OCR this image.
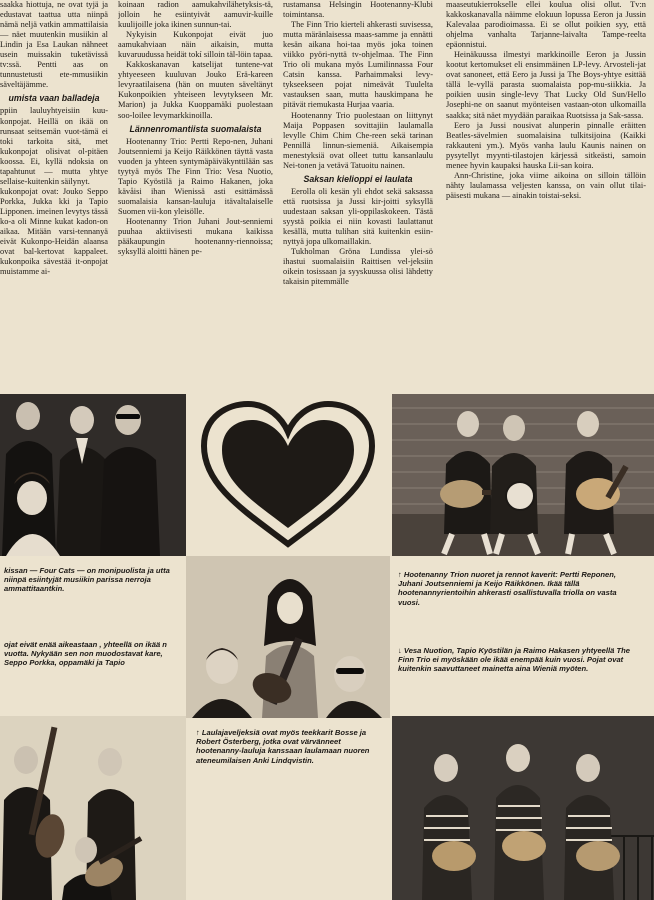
saakka hiottuja, ne ovat tyjä ja edustavat taattua utta niinpä nämä neljä vatkin ammattilaisia — näet muutenkin musiikin al Lindin ja Esa Laukan nähneet usein muissakin tuketävissä tv:ssä. Pentti aas on tunnustetusti ete-mmusiikin säveltäjämme.

umista vaan balladeja

ppiin lauluyhtyeisiin kuu-konpojat. Heillä on ikää on runsaat seitsemän vuot-tämä ei toki tarkoita sitä, met kukonpojat olisivat ol-pitäen koossa. Ei, kyllä ndoksia on tapahtunut — mutta yhtye sellaise-kuitenkin säilynyt.

kukonpojat ovat: Jouko Seppo Porkka, Jukka kki ja Tapio Lipponen. imeinen levytys tässä ko-a oli Minne kukat kadon-on aikaa. Mitään varsi-tennanyä eivät Kukonpo-Heidän alaansa ovat bal-kertovat kappaleet. kukonpoika sävestää it-onpojat muistamme ai-

koinaan radion aamukahvilähetyksis-tä, jolloin he esiintyivät aamuvir-kuille kuulijoille joka ikinen sunnun-tai.

Nykyisin Kukonpojat eivät juo aamukahviaan näin aikaisin, mutta kuvaruudussa heidät tokí silloin täl-löin tapaa.

Kakkoskanavan katselijat tuntene-vat yhtyeeseen kuuluvan Jouko Erä-kareen levyraatilaisena (hän on muuten säveltänyt Kukonpoikien yhteiseen levytykseen Mr. Marion) ja Jukka Kuoppamäki puolestaan soo-loilee levymarkkinoilla.

Lännenromantiista suomalaista

Hootenanny Trio: Pertti Repo-nen, Juhani Joutsenniemi ja Keijo Räikkönen täyttä vasta vuoden ja yhteen syntymäpäiväkynttilään sas tyytyä myös The Finn Trio: Vesa Nuotio, Tapio Kyöstilä ja Raimo Hakanen, joka kävåisi ihan Wienissä asti esittämässä suomalaisia kansan-lauluja itävaltalaiselle Suomen vii-kon yleisölle.

Hootenanny Trion Juhani Jout-senniemi puuhaa aktiivisesti mukana kaikissa pääkaupungin hootenanny-riennoissa; syksyllä aloitti hänen pe-

rustamansa Helsingin Hootenanny-Klubi toimintansa.

The Finn Trio kierteli ahkerasti suvisessa, mutta märänlaisessa maas-samme ja ennätti kesän aikana hoi-taa myös joka toinen viikko pyöri-nyttä tv-ohjelmaa. The Finn Trio oli mukana myös Lumilinnassa Four Catsin kanssa. Parhaimmaksi levy-tykseekseen pojat nimeävät Tuulelta vastauksen saan, mutta hauskimpana he pitävät riemukasta Hurjaa vaaria.

Hootenanny Trio puolestaan on liittynyt Maija Poppasen sovittajiin laulamalla levylle Chim Chim Che-reen sekä tarinan Pennillä linnun-siemeniä. Aikaisempia menestyksiä ovat olleet tuttu kansanlaulu Nei-tonen ja vetävä Tatuoitu nainen.

Saksan kielioppi ei laulata

Eerolla oli kesän yli ehdot sekä saksassa että ruotsissa ja Jussi kir-joitti syksyllä uudestaan saksan yli-oppilaskokeen. Tästä syystä poikia ei niin kovasti laulattanut kesällä, mutta tulihan sitä kuitenkin esiin-nyttyä jopa ulkomaillakin.

Tukholman Gröna Lundissa ylei-sö ihastui suomalaisiin Raittisen vel-jeksiin oikein tosissaan ja syyskuussa olisi lähdetty takaisin pitemmälle

maaseutukierrokselle ellei koulua olisi ollut. Tv:n kakkoskanavalla näimme elokuun lopussa Eeron ja Jussin Kalevalaa parodioimassa. Ei se ollut poikien syy, että ohjelma vanhalta Tarjanne-laivalta Tampe-reelta epäonnistui.

Heinäkuussa ilmestyi markkinoille Eeron ja Jussin kootut kertomukset eli ensimmäinen LP-levy. Arvosteli-jat ovat sanoneet, että Eero ja Jussi ja The Boys-yhtye esittää tällä le-vyllä parasta suomalaista pop-mu-siikkia. Ja poikien uusin single-levy That Lucky Old Sun/Hello Josephi-ne on saanut myönteisen vastaan-oton ulkomailla saakka; sitä näet myydään paraikaa Ruotsissa ja Sak-sassa.

Eero ja Jussi nousivat alunperin pinnalle eräitten Beatles-sävelmien suomalaisina tulkitsijoina (Kaikki rakkauteni ym.). Myös vanha laulu Kaunis nainen on pysytellyt myynti-tilastojen kärjessä sitkeästi, samoin menee hyvin kaupaksi hauska Lii-san koira.

Ann-Christine, joka viime aikoina on silloin tällöin nähty laulamassa veljesten kanssa, on vain ollut tilai-päisesti mukana — ainakin toistai-seksi.

kissan — Four Cats — on monipuolista ja utta niinpä esiintyjät musiikin parissa nerroja ammattitaantkin.

ojat eivät enää aikeastaan , yhteellä on ikää n vuotta. Nykyään sen non muodostavat kare, Seppo Porkka, oppamäki ja Tapio

↑ Hootenanny Trion nuoret ja rennot kaverit: Pertti Reponen, Juhani Joutsenniemi ja Keijo Räikkönen. Ikää tällä hootenannyrientoihin ahkerasti osallistuvalla triolla on vasta vuosi.

↓ Vesa Nuotion, Tapio Kyöstilän ja Raimo Hakasen yhtyeellä The Finn Trio ei myöskään ole ikää enempää kuin vuosi. Pojat ovat kuitenkin saavuttaneet mainetta aina Wieniä myöten.

↑ Laulajaveljeksiä ovat myös teekkarit Bosse ja Robert Österberg, jotka ovat värvänneet hootenanny-lauluja kanssaan laulamaan nuoren ateneumilaisen Anki Lindqvistin.
